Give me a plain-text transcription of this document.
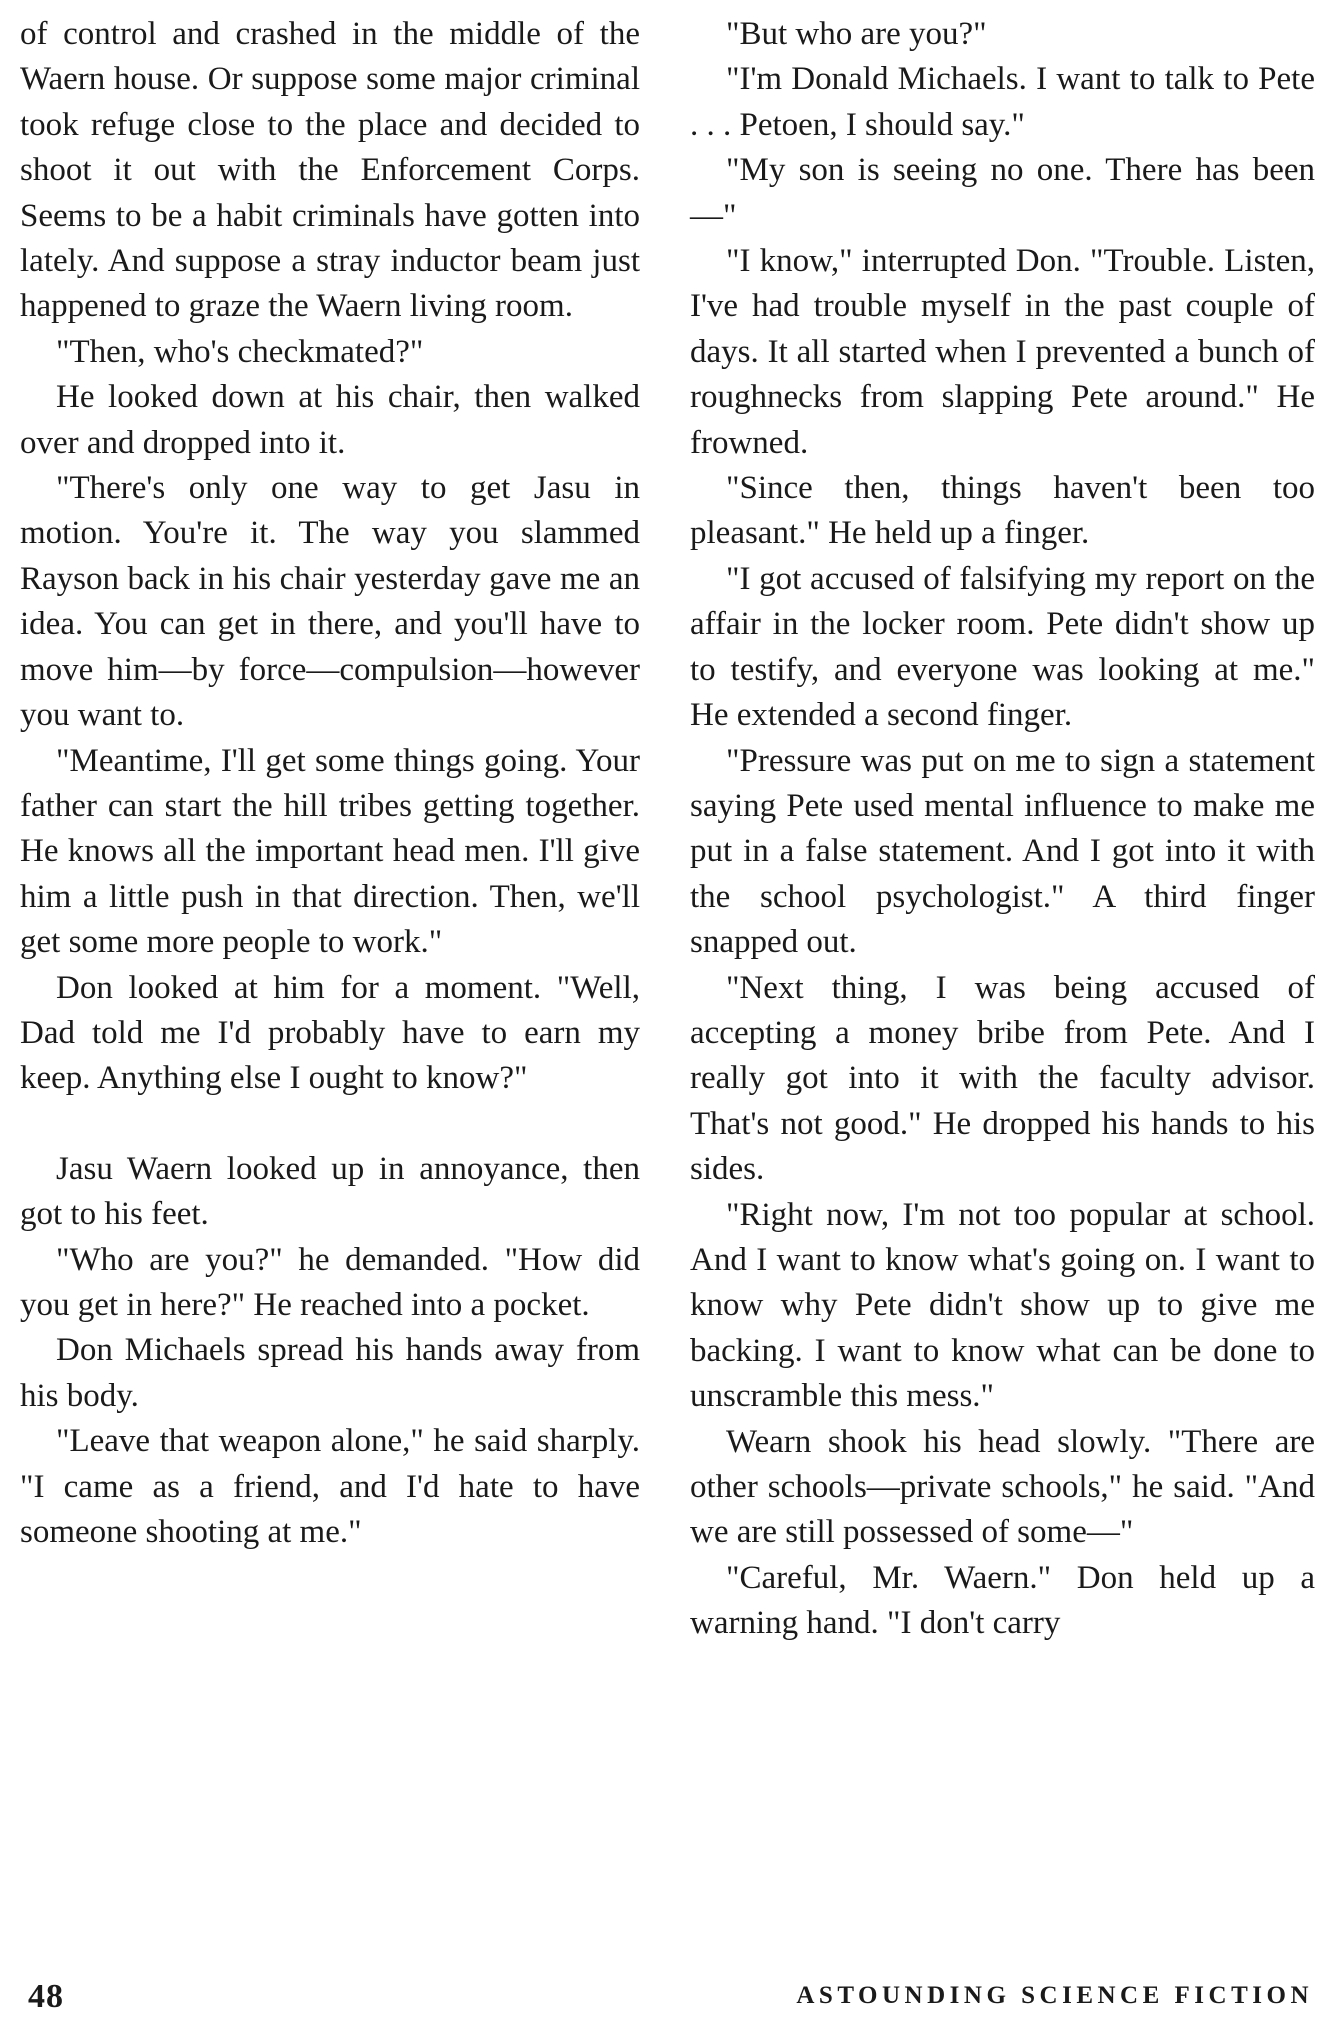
of control and crashed in the middle of the Waern house. Or suppose some major criminal took refuge close to the place and decided to shoot it out with the Enforcement Corps. Seems to be a habit criminals have gotten into lately. And suppose a stray inductor beam just happened to graze the Waern living room.

"Then, who's checkmated?"

He looked down at his chair, then walked over and dropped into it.

"There's only one way to get Jasu in motion. You're it. The way you slammed Rayson back in his chair yesterday gave me an idea. You can get in there, and you'll have to move him—by force—compulsion—however you want to.

"Meantime, I'll get some things going. Your father can start the hill tribes getting together. He knows all the important head men. I'll give him a little push in that direction. Then, we'll get some more people to work."

Don looked at him for a moment. "Well, Dad told me I'd probably have to earn my keep. Anything else I ought to know?"

Jasu Waern looked up in annoyance, then got to his feet.

"Who are you?" he demanded. "How did you get in here?" He reached into a pocket.

Don Michaels spread his hands away from his body.

"Leave that weapon alone," he said sharply. "I came as a friend, and I'd hate to have someone shooting at me."

"But who are you?"

"I'm Donald Michaels. I want to talk to Pete . . . Petoen, I should say."

"My son is seeing no one. There has been—"

"I know," interrupted Don. "Trouble. Listen, I've had trouble myself in the past couple of days. It all started when I prevented a bunch of roughnecks from slapping Pete around." He frowned.

"Since then, things haven't been too pleasant." He held up a finger.

"I got accused of falsifying my report on the affair in the locker room. Pete didn't show up to testify, and everyone was looking at me." He extended a second finger.

"Pressure was put on me to sign a statement saying Pete used mental influence to make me put in a false statement. And I got into it with the school psychologist." A third finger snapped out.

"Next thing, I was being accused of accepting a money bribe from Pete. And I really got into it with the faculty advisor. That's not good." He dropped his hands to his sides.

"Right now, I'm not too popular at school. And I want to know what's going on. I want to know why Pete didn't show up to give me backing. I want to know what can be done to unscramble this mess."

Wearn shook his head slowly. "There are other schools—private schools," he said. "And we are still possessed of some—"

"Careful, Mr. Waern." Don held up a warning hand. "I don't carry

48	ASTOUNDING SCIENCE FICTION
